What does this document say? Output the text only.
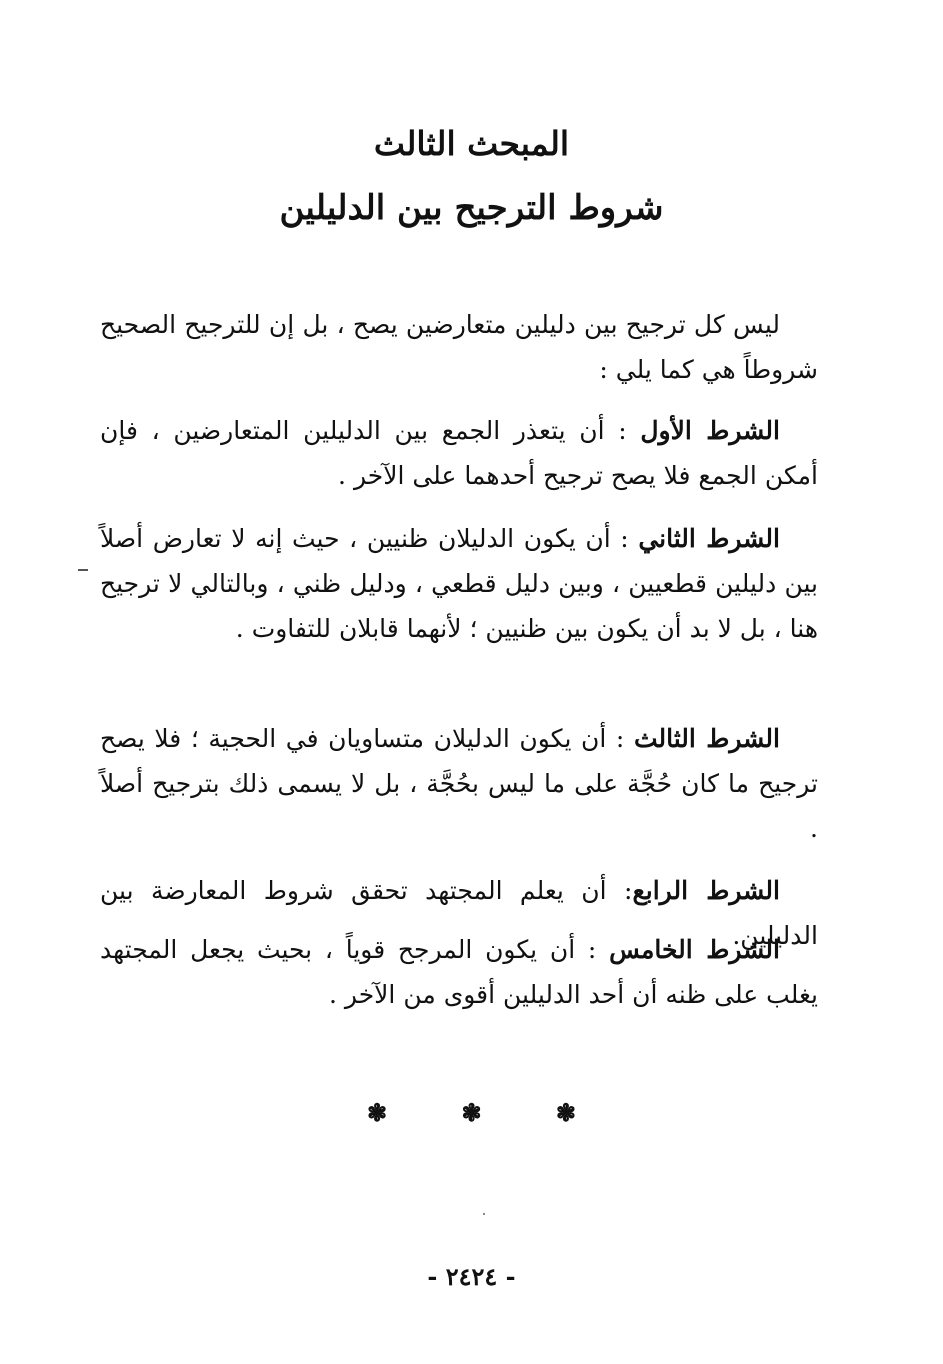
المبحث الثالث
شروط الترجيح بين الدليلين

ليس كل ترجيح بين دليلين متعارضين يصح ، بل إن للترجيح الصحيح شروطاً هي كما يلي :

الشرط الأول : أن يتعذر الجمع بين الدليلين المتعارضين ، فإن أمكن الجمع فلا يصح ترجيح أحدهما على الآخر .

الشرط الثاني : أن يكون الدليلان ظنيين ، حيث إنه لا تعارض أصلاً بين دليلين قطعيين ، وبين دليل قطعي ، ودليل ظني ، وبالتالي لا ترجيح هنا ، بل لا بد أن يكون بين ظنيين ؛ لأنهما قابلان للتفاوت .

الشرط الثالث : أن يكون الدليلان متساويان في الحجية ؛ فلا يصح ترجيح ما كان حُجَّة على ما ليس بحُجَّة ، بل لا يسمى ذلك بترجيح أصلاً .

الشرط الرابع: أن يعلم المجتهد تحقق شروط المعارضة بين الدليلين.

الشرط الخامس : أن يكون المرجح قوياً ، بحيث يجعل المجتهد يغلب على ظنه أن أحد الدليلين أقوى من الآخر .

❃ ❃ ❃
- ٢٤٢٤ -
